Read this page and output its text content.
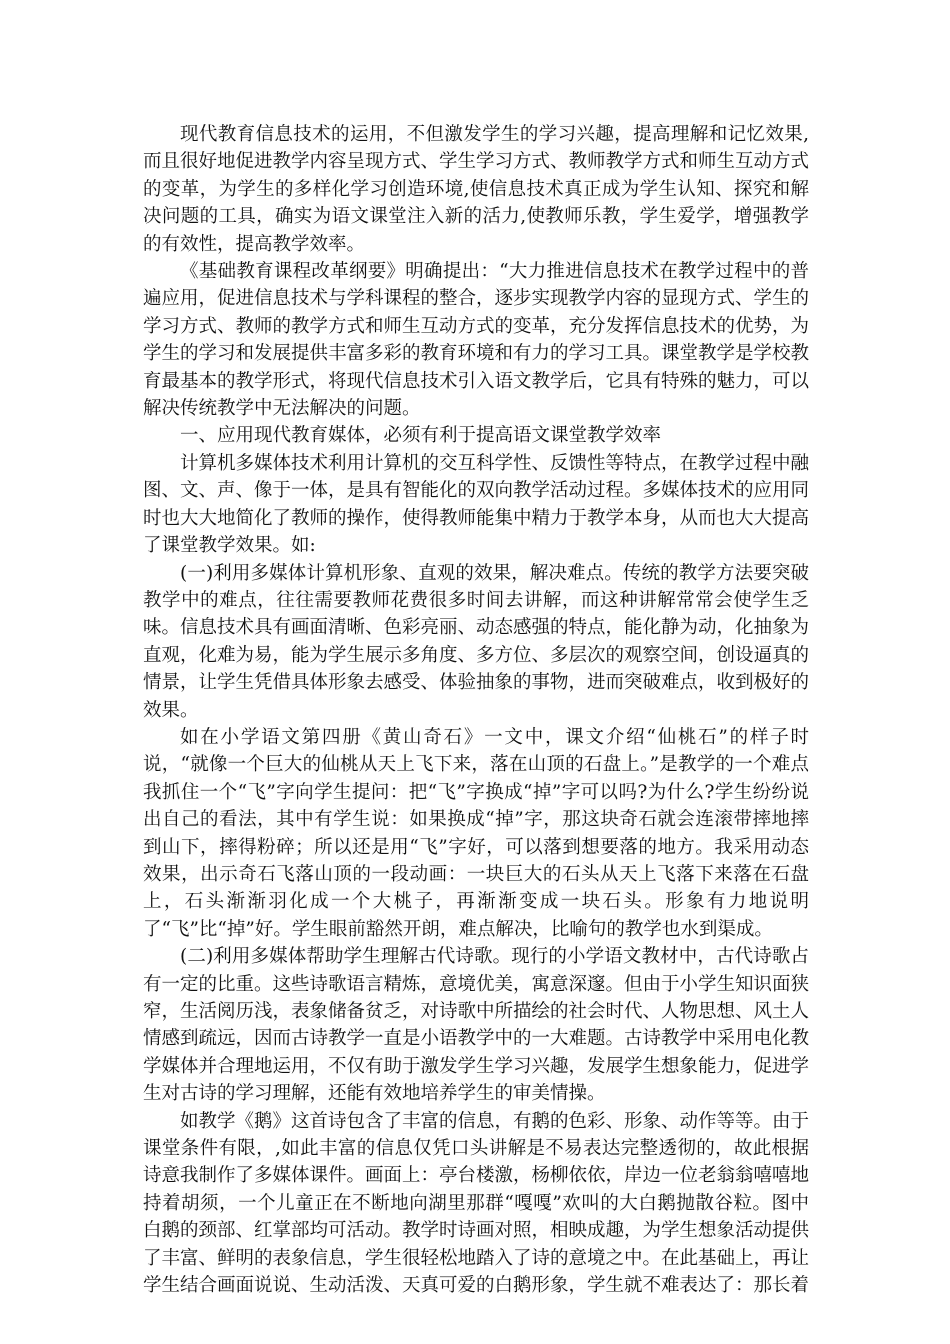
现代教育信息技术的运用，不但激发学生的学习兴趣，提高理解和记忆效果,而且很好地促进教学内容呈现方式、学生学习方式、教师教学方式和师生互动方式的变革，为学生的多样化学习创造环境,使信息技术真正成为学生认知、探究和解决问题的工具，确实为语文课堂注入新的活力,使教师乐教，学生爱学，增强教学的有效性，提高教学效率。

《基础教育课程改革纲要》明确提出：“大力推进信息技术在教学过程中的普遍应用，促进信息技术与学科课程的整合，逐步实现教学内容的显现方式、学生的学习方式、教师的教学方式和师生互动方式的变革，充分发挥信息技术的优势，为学生的学习和发展提供丰富多彩的教育环境和有力的学习工具。课堂教学是学校教育最基本的教学形式，将现代信息技术引入语文教学后，它具有特殊的魅力，可以解决传统教学中无法解决的问题。

一、应用现代教育媒体，必须有利于提高语文课堂教学效率

计算机多媒体技术利用计算机的交互科学性、反馈性等特点，在教学过程中融图、文、声、像于一体，是具有智能化的双向教学活动过程。多媒体技术的应用同时也大大地简化了教师的操作，使得教师能集中精力于教学本身，从而也大大提高了课堂教学效果。如:

(一)利用多媒体计算机形象、直观的效果，解决难点。传统的教学方法要突破教学中的难点，往往需要教师花费很多时间去讲解，而这种讲解常常会使学生乏味。信息技术具有画面清晰、色彩亮丽、动态感强的特点，能化静为动，化抽象为直观，化难为易，能为学生展示多角度、多方位、多层次的观察空间，创设逼真的情景，让学生凭借具体形象去感受、体验抽象的事物，进而突破难点，收到极好的效果。

如在小学语文第四册《黄山奇石》一文中，课文介绍“仙桃石”的样子时说，“就像一个巨大的仙桃从天上飞下来，落在山顶的石盘上。”是教学的一个难点我抓住一个“飞”字向学生提问：把“飞”字换成“掉”字可以吗?为什么?学生纷纷说出自己的看法，其中有学生说：如果换成“掉”字，那这块奇石就会连滚带摔地摔到山下，摔得粉碎；所以还是用“飞”字好，可以落到想要落的地方。我采用动态效果，出示奇石飞落山顶的一段动画：一块巨大的石头从天上飞落下来落在石盘上，石头渐渐羽化成一个大桃子，再渐渐变成一块石头。形象有力地说明了“飞”比“掉”好。学生眼前豁然开朗，难点解决，比喻句的教学也水到渠成。

(二)利用多媒体帮助学生理解古代诗歌。现行的小学语文教材中，古代诗歌占有一定的比重。这些诗歌语言精炼，意境优美，寓意深邃。但由于小学生知识面狭窄，生活阅历浅，表象储备贫乏，对诗歌中所描绘的社会时代、人物思想、风土人情感到疏远，因而古诗教学一直是小语教学中的一大难题。古诗教学中采用电化教学媒体并合理地运用，不仅有助于激发学生学习兴趣，发展学生想象能力，促进学生对古诗的学习理解，还能有效地培养学生的审美情操。

如教学《鹅》这首诗包含了丰富的信息，有鹅的色彩、形象、动作等等。由于课堂条件有限，,如此丰富的信息仅凭口头讲解是不易表达完整透彻的，故此根据诗意我制作了多媒体课件。画面上：亭台楼激，杨柳依依，岸边一位老翁翁嘻嘻地持着胡须，一个儿童正在不断地向湖里那群“嘎嘎”欢叫的大白鹅抛散谷粒。图中白鹅的颈部、红掌部均可活动。教学时诗画对照，相映成趣，为学生想象活动提供了丰富、鲜明的表象信息，学生很轻松地踏入了诗的意境之中。在此基础上，再让学生结合画面说说、生动活泼、天真可爱的白鹅形象，学生就不难表达了：那长着
